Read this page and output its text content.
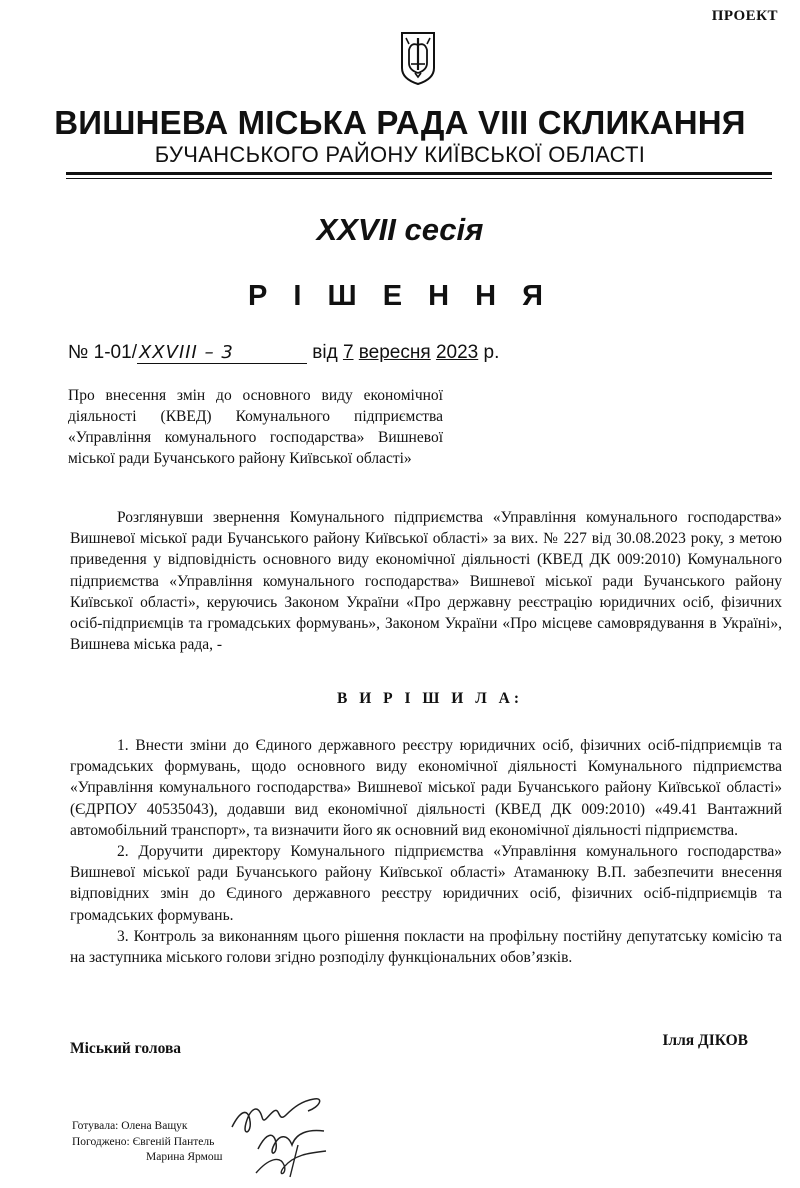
ПРОЕКТ
ВИШНЕВА МІСЬКА РАДА VIII СКЛИКАННЯ
БУЧАНСЬКОГО РАЙОНУ КИЇВСЬКОЇ ОБЛАСТІ
XXVII сесія
Р І Ш Е Н Н Я
№ 1-01/ XXVIII – 3	від 7 вересня 2023 р.
Про внесення змін до основного виду економічної діяльності (КВЕД) Комунального підприємства «Управління комунального господарства» Вишневої міської ради Бучанського району Київської області»
Розглянувши звернення Комунального підприємства «Управління комунального господарства» Вишневої міської ради Бучанського району Київської області» за вих. № 227 від 30.08.2023 року, з метою приведення у відповідність основного виду економічної діяльності (КВЕД ДК 009:2010) Комунального підприємства «Управління комунального господарства» Вишневої міської ради Бучанського району Київської області», керуючись Законом України «Про державну реєстрацію юридичних осіб, фізичних осіб-підприємців та громадських формувань», Законом України «Про місцеве самоврядування в Україні», Вишнева міська рада, -
В И Р І Ш И Л А:

1. Внести зміни до Єдиного державного реєстру юридичних осіб, фізичних осіб-підприємців та громадських формувань, щодо основного виду економічної діяльності Комунального підприємства «Управління комунального господарства» Вишневої міської ради Бучанського району Київської області» (ЄДРПОУ 40535043), додавши вид економічної діяльності (КВЕД ДК 009:2010) «49.41 Вантажний автомобільний транспорт», та визначити його як основний вид економічної діяльності підприємства.

2. Доручити директору Комунального підприємства «Управління комунального господарства» Вишневої міської ради Бучанського району Київської області» Атаманюку В.П. забезпечити внесення відповідних змін до Єдиного державного реєстру юридичних осіб, фізичних осіб-підприємців та громадських формувань.

3. Контроль за виконанням цього рішення покласти на профільну постійну депутатську комісію та на заступника міського голови згідно розподілу функціональних обов’язків.

Міський голова	Ілля ДІКОВ
Готувала: Олена Ващук
Погоджено: Євгеній Пантель
Марина Ярмош
